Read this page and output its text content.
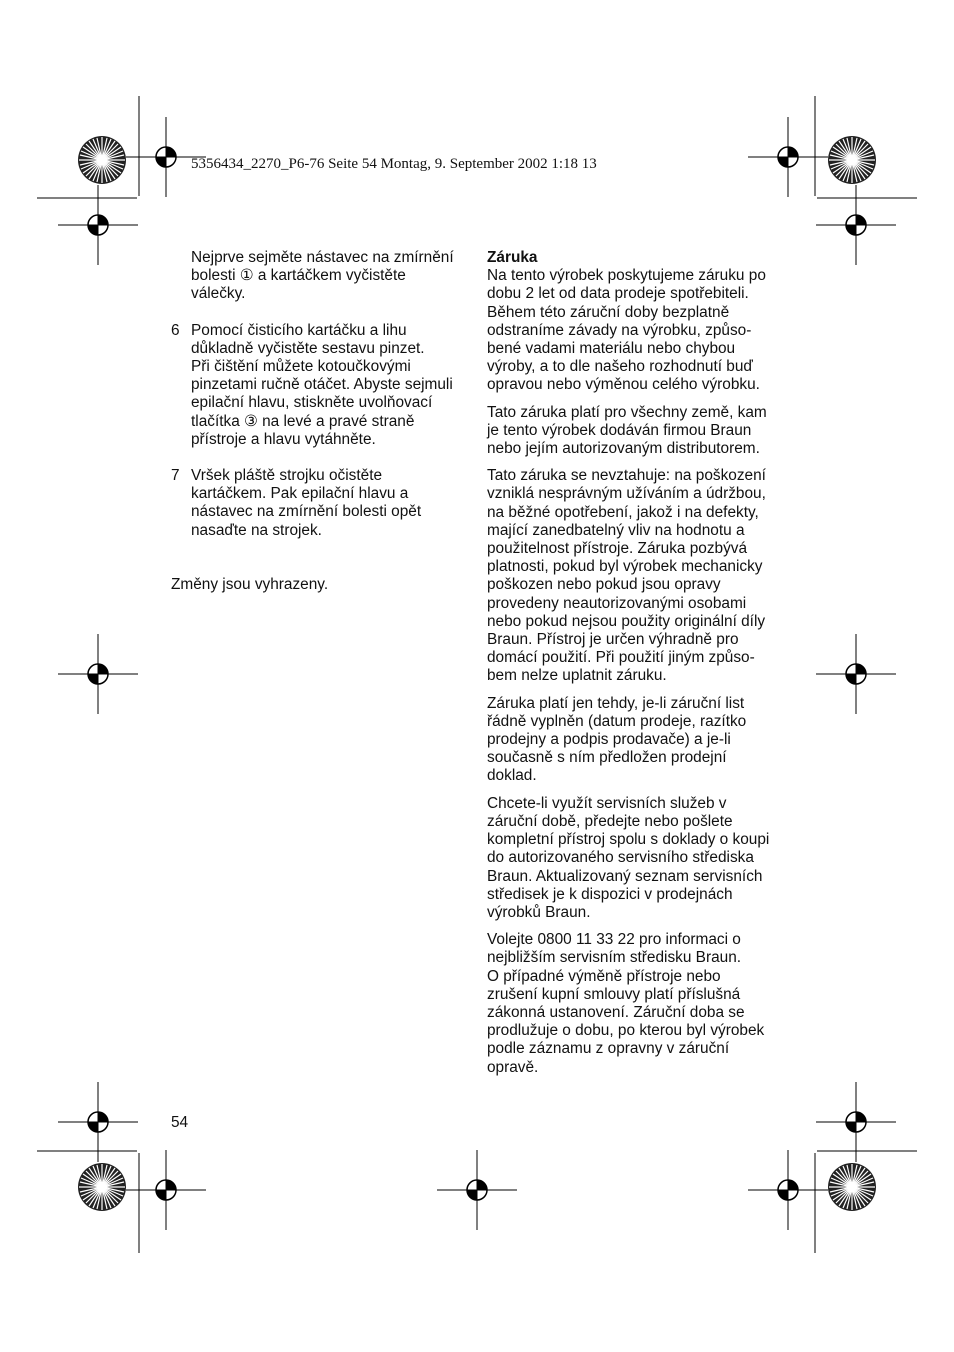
5356434_2270_P6-76 Seite 54 Montag, 9. September 2002 1:18 13
Nejprve sejměte nástavec na zmírnění
bolesti ① a kartáčkem vyčistěte
válečky.
6 Pomocí čisticího kartáčku a lihu
důkladně vyčistěte sestavu pinzet.
Při čištění můžete kotoučkovými
pinzetami ručně otáčet. Abyste sejmuli
epilační hlavu, stiskněte uvolňovací
tlačítka ③ na levé a pravé straně
přístroje a hlavu vytáhněte.
7 Vršek pláště strojku očistěte
kartáčkem. Pak epilační hlavu a
nástavec na zmírnění bolesti opět
nasaďte na strojek.
Změny jsou vyhrazeny.
Záruka

Na tento výrobek poskytujeme záruku po
dobu 2 let od data prodeje spotřebiteli.
Během této záruční doby bezplatně
odstraníme závady na výrobku, způso-
bené vadami materiálu nebo chybou
výroby, a to dle našeho rozhodnutí buď
opravou nebo výměnou celého výrobku.

Tato záruka platí pro všechny země, kam
je tento výrobek dodáván firmou Braun
nebo jejím autorizovaným distributorem.

Tato záruka se nevztahuje: na poškození
vzniklá nesprávným užíváním a údržbou,
na běžné opotřebení, jakož i na defekty,
mající zanedbatelný vliv na hodnotu a
použitelnost přístroje. Záruka pozbývá
platnosti, pokud byl výrobek mechanicky
poškozen nebo pokud jsou opravy
provedeny neautorizovanými osobami
nebo pokud nejsou použity originální díly
Braun. Přístroj je určen výhradně pro
domácí použití. Při použití jiným způso-
bem nelze uplatnit záruku.

Záruka platí jen tehdy, je-li záruční list
řádně vyplněn (datum prodeje, razítko
prodejny a podpis prodavače) a je-li
současně s ním předložen prodejní
doklad.

Chcete-li využít servisních služeb v
záruční době, předejte nebo pošlete
kompletní přístroj spolu s doklady o koupi
do autorizovaného servisního střediska
Braun. Aktualizovaný seznam servisních
středisek je k dispozici v prodejnách
výrobků Braun.

Volejte 0800 11 33 22 pro informaci o
nejbližším servisním středisku Braun.
O případné výměně přístroje nebo
zrušení kupní smlouvy platí příslušná
zákonná ustanovení. Záruční doba se
prodlužuje o dobu, po kterou byl výrobek
podle záznamu z opravny v záruční
opravě.

54
